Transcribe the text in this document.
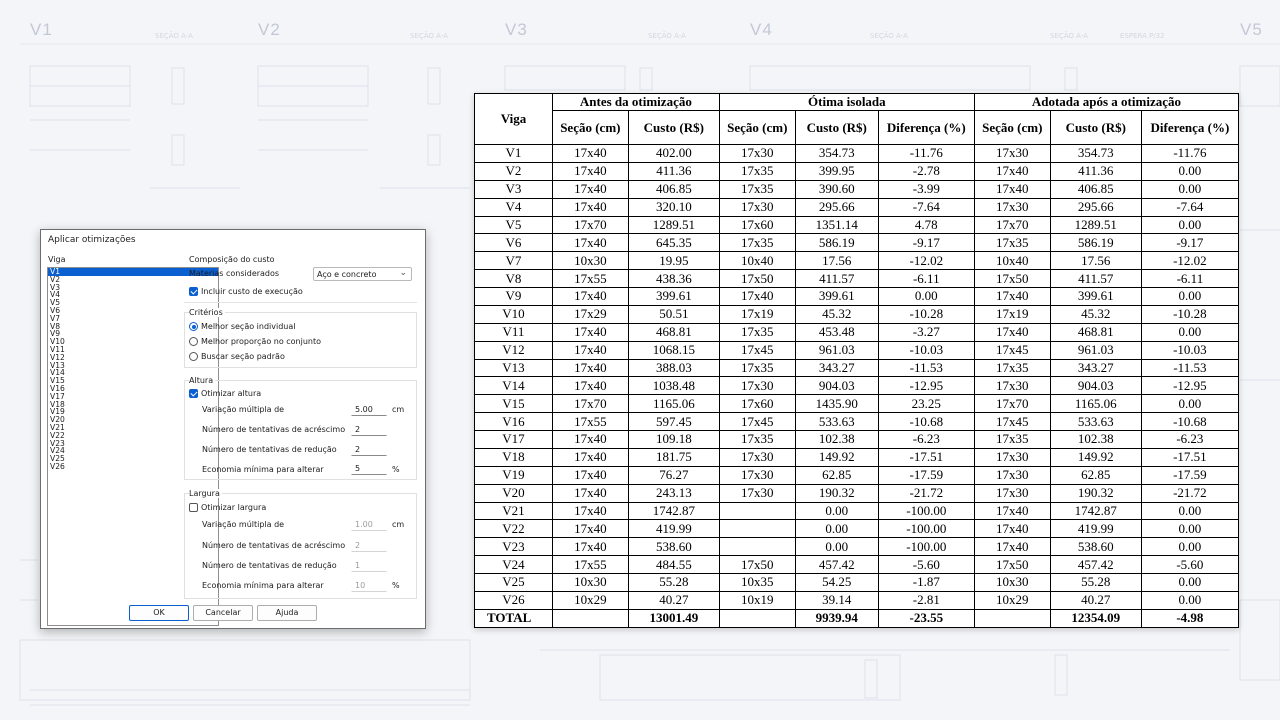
V1	V2	V3	V4	V5
SEÇÃO A-A	SEÇÃO A-A	SEÇÃO A-A	SEÇÃO A-A	SEÇÃO A-A	ESPERA P/32
Aplicar otimizações
Viga
V1
V2
V3
V4
V5
V6
V7
V8
V9
V10
V11
V12
V13
V14
V15
V16
V17
V18
V19
V20
V21
V22
V23
V24
V25
V26
Composição do custo
Materias considerados	Aço e concreto	⌄
Incluir custo de execução
Critérios
Melhor seção individual
Melhor proporção no conjunto
Buscar seção padrão
Altura
Otimizar altura
Variação múltipla de	5.00	cm
Número de tentativas de acréscimo	2
Número de tentativas de redução	2
Economia mínima para alterar	5	%
Largura
Otimizar largura
Variação múltipla de	1.00	cm
Número de tentativas de acréscimo	2
Número de tentativas de redução	1
Economia mínima para alterar	10	%
OK	Cancelar	Ajuda
Viga	Antes da otimização		Ótima isolada			Adotada após a otimização		
	Seção (cm)	Custo (R$)	Seção (cm)	Custo (R$)	Diferença (%)	Seção (cm)	Custo (R$)	Diferença (%)
V1	17x40	402.00	17x30	354.73	-11.76	17x30	354.73	-11.76
V2	17x40	411.36	17x35	399.95	-2.78	17x40	411.36	0.00
V3	17x40	406.85	17x35	390.60	-3.99	17x40	406.85	0.00
V4	17x40	320.10	17x30	295.66	-7.64	17x30	295.66	-7.64
V5	17x70	1289.51	17x60	1351.14	4.78	17x70	1289.51	0.00
V6	17x40	645.35	17x35	586.19	-9.17	17x35	586.19	-9.17
V7	10x30	19.95	10x40	17.56	-12.02	10x40	17.56	-12.02
V8	17x55	438.36	17x50	411.57	-6.11	17x50	411.57	-6.11
V9	17x40	399.61	17x40	399.61	0.00	17x40	399.61	0.00
V10	17x29	50.51	17x19	45.32	-10.28	17x19	45.32	-10.28
V11	17x40	468.81	17x35	453.48	-3.27	17x40	468.81	0.00
V12	17x40	1068.15	17x45	961.03	-10.03	17x45	961.03	-10.03
V13	17x40	388.03	17x35	343.27	-11.53	17x35	343.27	-11.53
V14	17x40	1038.48	17x30	904.03	-12.95	17x30	904.03	-12.95
V15	17x70	1165.06	17x60	1435.90	23.25	17x70	1165.06	0.00
V16	17x55	597.45	17x45	533.63	-10.68	17x45	533.63	-10.68
V17	17x40	109.18	17x35	102.38	-6.23	17x35	102.38	-6.23
V18	17x40	181.75	17x30	149.92	-17.51	17x30	149.92	-17.51
V19	17x40	76.27	17x30	62.85	-17.59	17x30	62.85	-17.59
V20	17x40	243.13	17x30	190.32	-21.72	17x30	190.32	-21.72
V21	17x40	1742.87		0.00	-100.00	17x40	1742.87	0.00
V22	17x40	419.99		0.00	-100.00	17x40	419.99	0.00
V23	17x40	538.60		0.00	-100.00	17x40	538.60	0.00
V24	17x55	484.55	17x50	457.42	-5.60	17x50	457.42	-5.60
V25	10x30	55.28	10x35	54.25	-1.87	10x30	55.28	0.00
V26	10x29	40.27	10x19	39.14	-2.81	10x29	40.27	0.00
TOTAL		13001.49		9939.94	-23.55		12354.09	-4.98
